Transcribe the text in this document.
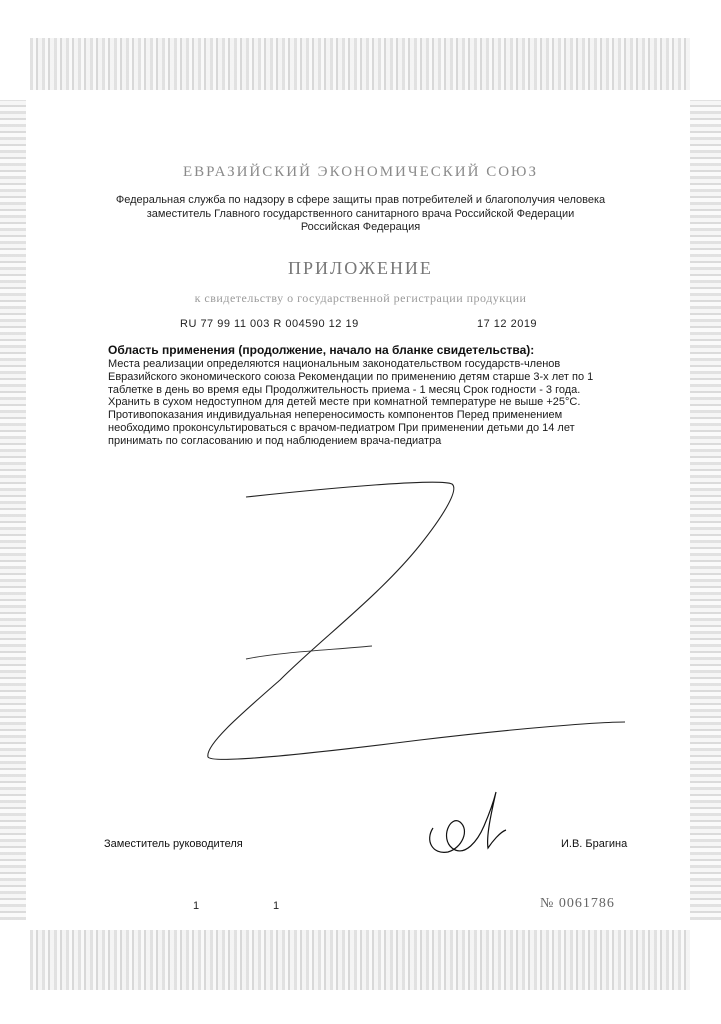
ЕВРАЗИЙСКИЙ ЭКОНОМИЧЕСКИЙ СОЮЗ
Федеральная служба по надзору в сфере защиты прав потребителей и благополучия человека
заместитель Главного государственного санитарного врача Российской Федерации
Российская Федерация
ПРИЛОЖЕНИЕ
к свидетельству о государственной регистрации продукции
RU 77 99 11 003 R 004590 12 19	17 12 2019
Область применения (продолжение, начало на бланке свидетельства):
Места реализации определяются национальным законодательством государств-членов
Евразийского экономического союза Рекомендации по применению детям старше 3-х лет по 1
таблетке в день во время еды Продолжительность приема - 1 месяц Срок годности - 3 года.
Хранить в сухом недоступном для детей месте при комнатной температуре не выше +25°С.
Противопоказания индивидуальная непереносимость компонентов Перед применением
необходимо проконсультироваться с врачом-педиатром При применении детьми до 14 лет
принимать по согласованию и под наблюдением врача-педиатра
Заместитель руководителя	И.В. Брагина
1	1	№ 0061786
